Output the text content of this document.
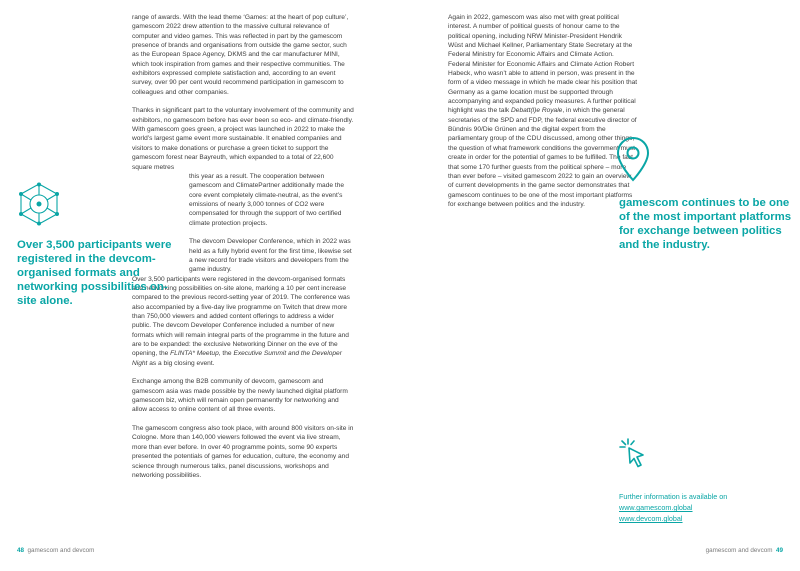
range of awards. With the lead theme ‘Games: at the heart of pop culture’, gamescom 2022 drew attention to the massive cultural relevance of computer and video games. This was reflected in part by the gamescom presence of brands and organisations from outside the game sector, such as the European Space Agency, DKMS and the car manufacturer MINI, which took inspiration from games and their respective communities. The exhibitors expressed complete satisfaction and, according to an event survey, over 90 per cent would recommend participation in gamescom to colleagues and other companies.

Thanks in significant part to the voluntary involvement of the community and exhibitors, no gamescom before has ever been so eco- and climate-friendly. With gamescom goes green, a project was launched in 2022 to make the world’s largest game event more sustainable. It enabled companies and visitors to make donations or purchase a green ticket to support the gamescom forest near Bayreuth, which expanded to a total of 22,600 square metres

this year as a result. The cooperation between gamescom and ClimatePartner additionally made the core event completely climate-neutral, as the event’s emissions of nearly 3,000 tonnes of CO2 were compensated for through the support of two certified climate protection projects.

The devcom Developer Conference, which in 2022 was held as a fully hybrid event for the first time, likewise set a new record for trade visitors and developers from the game industry.

Over 3,500 participants were registered in the devcom-organised formats and networking possibilities on-site alone, marking a 10 per cent increase compared to the previous record-setting year of 2019. The conference was also accompanied by a five-day live programme on Twitch that drew more than 750,000 viewers and added content offerings to address a wider public. The devcom Developer Conference included a number of new formats which will remain integral parts of the programme in the future and are to be expanded: the exclusive Networking Dinner on the eve of the opening, the FLINTA* Meetup, the Executive Summit and the Developer Night as a big closing event.

Exchange among the B2B community of devcom, gamescom and gamescom asia was made possible by the newly launched digital platform gamescom biz, which will remain open permanently for networking and allow access to online content of all three events.

The gamescom congress also took place, with around 800 visitors on-site in Cologne. More than 140,000 viewers followed the event via live stream, more than ever before. In over 40 programme points, some 90 experts presented the potentials of games for education, culture, the economy and science through numerous talks, panel discussions, workshops and networking possibilities.

Over 3,500 participants were registered in the devcom-organised formats and networking possibilities on-site alone.
48 gamescom and devcom

Again in 2022, gamescom was also met with great political interest. A number of political guests of honour came to the political opening, including NRW Minister-President Hendrik Wüst and Michael Kellner, Parliamentary State Secretary at the Federal Ministry for Economic Affairs and Climate Action. Federal Minister for Economic Affairs and Climate Action Robert Habeck, who wasn’t able to attend in person, was present in the form of a video message in which he made clear his position that Germany as a game location must be supported through accompanying and expanded policy measures. A further political highlight was the talk Debatt(l)e Royale, in which the general secretaries of the SPD and FDP, the federal executive director of Bündnis 90/Die Grünen and the digital expert from the parliamentary group of the CDU discussed, among other things, the question of what framework conditions the government must create in order for the potential of games to be fulfilled. The fact that some 170 further guests from the political sphere – more than ever before – visited gamescom 2022 to gain an overview of current developments in the game sector demonstrates that gamescom continues to be one of the most important platforms for exchange between politics and the industry.	gamescom continues to be one of the most important platforms for exchange between politics and the industry.
Further information is available on
www.gamescom.global
www.devcom.global
gamescom and devcom 49
